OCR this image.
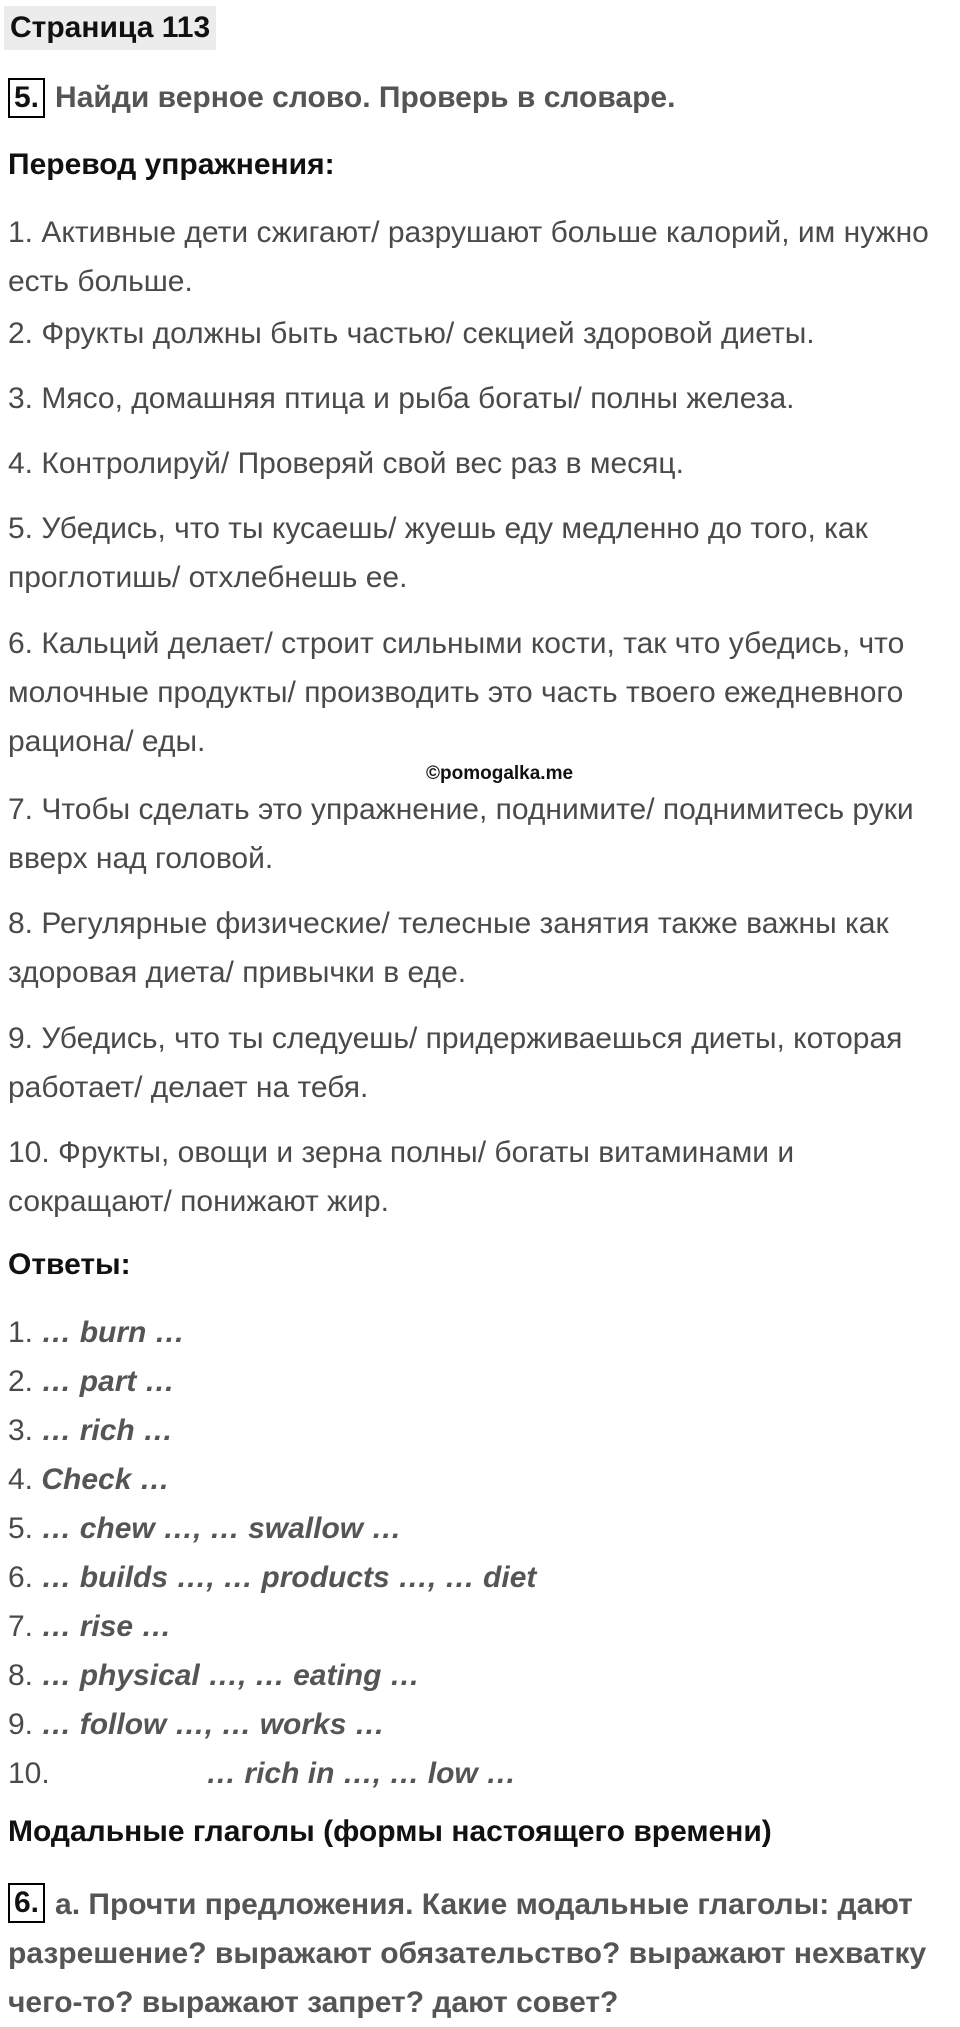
Страница 113
5. Найди верное слово. Проверь в словаре.
Перевод упражнения:
1. Активные дети сжигают/ разрушают больше калорий, им нужно есть больше.
2. Фрукты должны быть частью/ секцией здоровой диеты.
3. Мясо, домашняя птица и рыба богаты/ полны железа.
4. Контролируй/ Проверяй свой вес раз в месяц.
5. Убедись, что ты кусаешь/ жуешь еду медленно до того, как проглотишь/ отхлебнешь ее.
6. Кальций делает/ строит сильными кости, так что убедись, что молочные продукты/ производить это часть твоего ежедневного рациона/ еды.
©pomogalka.me
7. Чтобы сделать это упражнение, поднимите/ поднимитесь руки вверх над головой.
8. Регулярные физические/ телесные занятия также важны как здоровая диета/ привычки в еде.
9. Убедись, что ты следуешь/ придерживаешься диеты, которая работает/ делает на тебя.
10. Фрукты, овощи и зерна полны/ богаты витаминами и сокращают/ понижают жир.
Ответы:
1. … burn …
2. … part …
3. … rich …
4. Check …
5. … chew …, … swallow …
6. … builds …, … products …, … diet
7. … rise …
8. … physical …, … eating …
9. … follow …, … works …
10.	… rich in …, … low …
Модальные глаголы (формы настоящего времени)
6. a. Прочти предложения. Какие модальные глаголы: дают разрешение? выражают обязательство? выражают нехватку чего-то? выражают запрет? дают совет?
